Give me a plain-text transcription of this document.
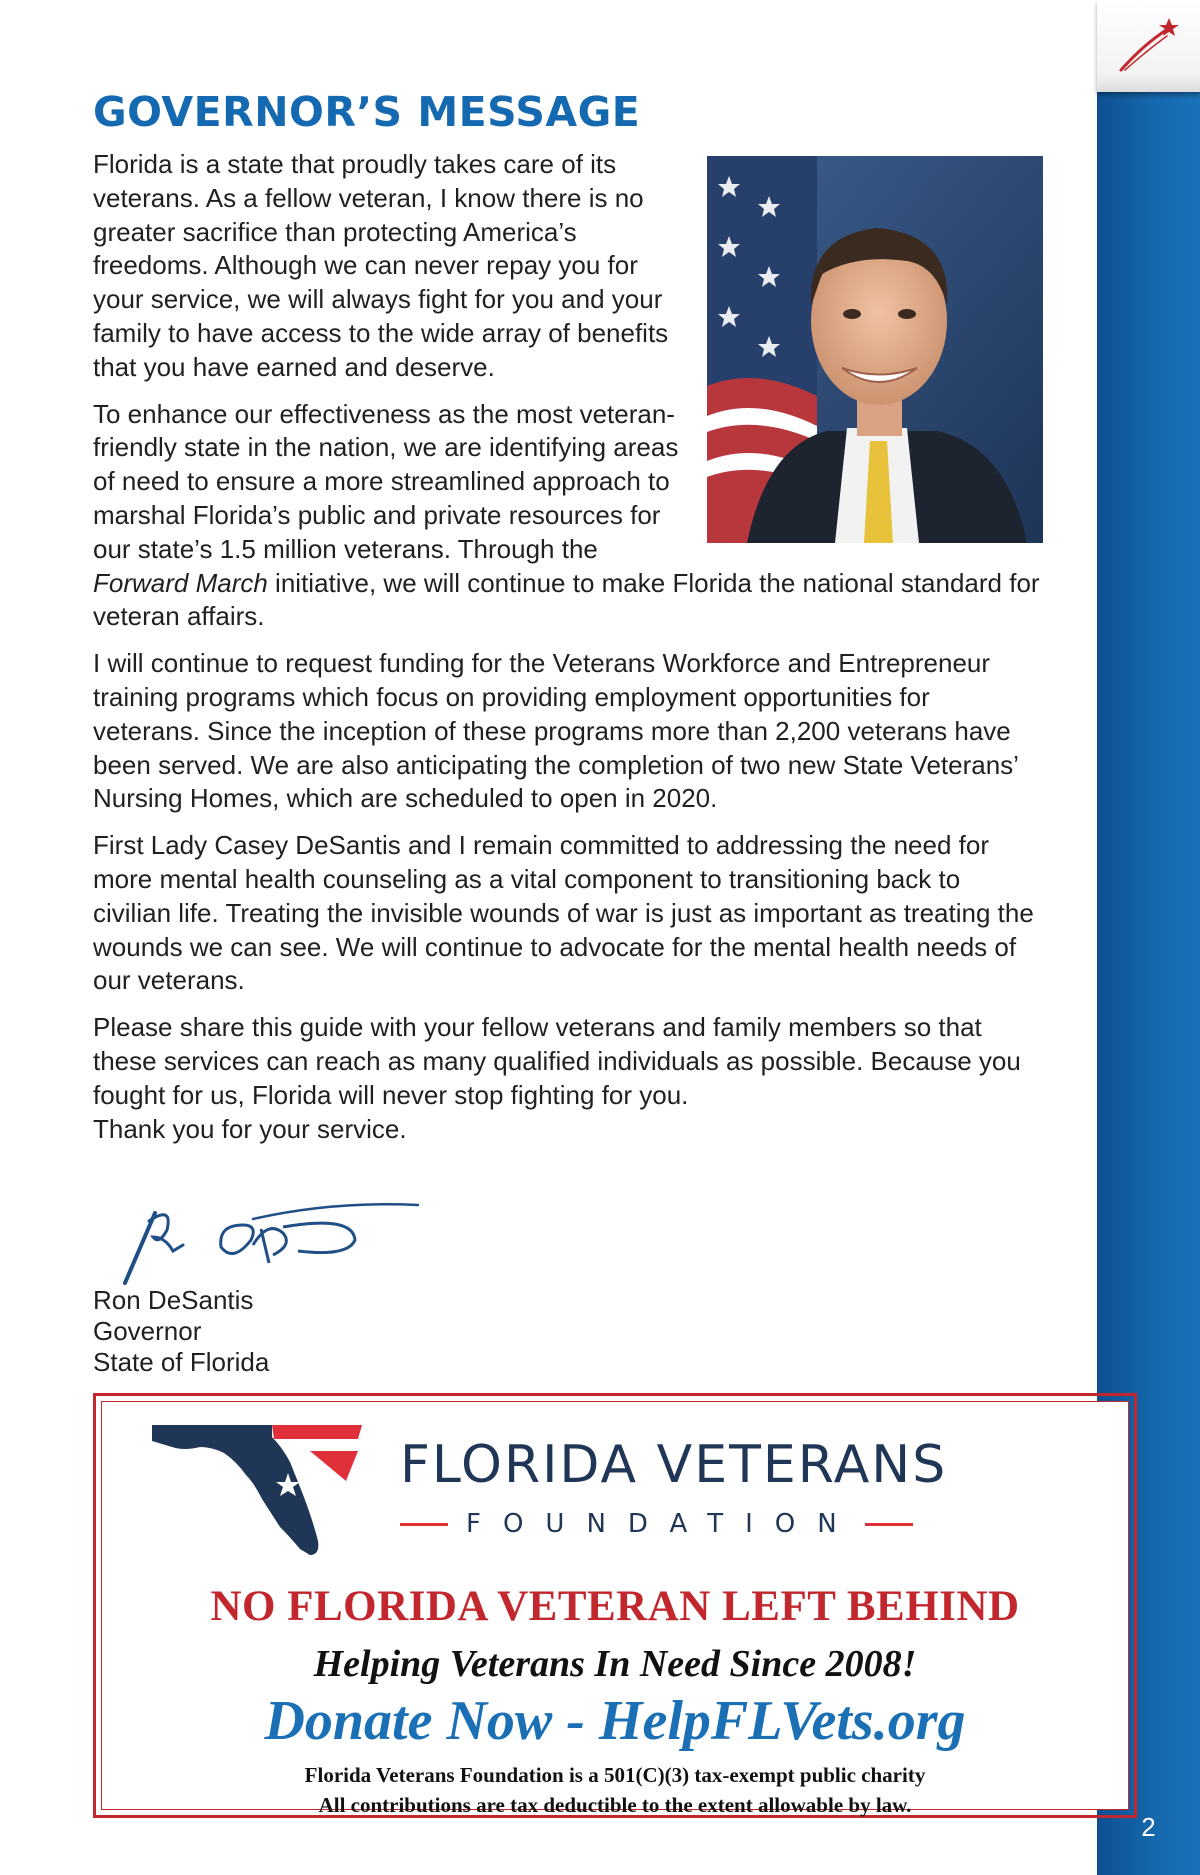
2
GOVERNOR’S MESSAGE

Florida is a state that proudly takes care of its veterans. As a fellow veteran, I know there is no greater sacrifice than protecting America’s freedoms. Although we can never repay you for your service, we will always fight for you and your family to have access to the wide array of benefits that you have earned and deserve.

To enhance our effectiveness as the most veteran-friendly state in the nation, we are identifying areas of need to ensure a more streamlined approach to marshal Florida’s public and private resources for our state’s 1.5 million veterans. Through the Forward March initiative, we will continue to make Florida the national standard for veteran affairs.

I will continue to request funding for the Veterans Workforce and Entrepreneur training programs which focus on providing employment opportunities for veterans. Since the inception of these programs more than 2,200 veterans have been served. We are also anticipating the completion of two new State Veterans’ Nursing Homes, which are scheduled to open in 2020.

First Lady Casey DeSantis and I remain committed to addressing the need for more mental health counseling as a vital component to transitioning back to civilian life. Treating the invisible wounds of war is just as important as treating the wounds we can see. We will continue to advocate for the mental health needs of our veterans.

Please share this guide with your fellow veterans and family members so that these services can reach as many qualified individuals as possible. Because you fought for us, Florida will never stop fighting for you.
Thank you for your service.

Ron DeSantis
Governor
State of Florida
FLORIDA VETERANS
FOUNDATION
NO FLORIDA VETERAN LEFT BEHIND
Helping Veterans In Need Since 2008!
Donate Now - HelpFLVets.org
Florida Veterans Foundation is a 501(C)(3) tax-exempt public charity
All contributions are tax deductible to the extent allowable by law.
